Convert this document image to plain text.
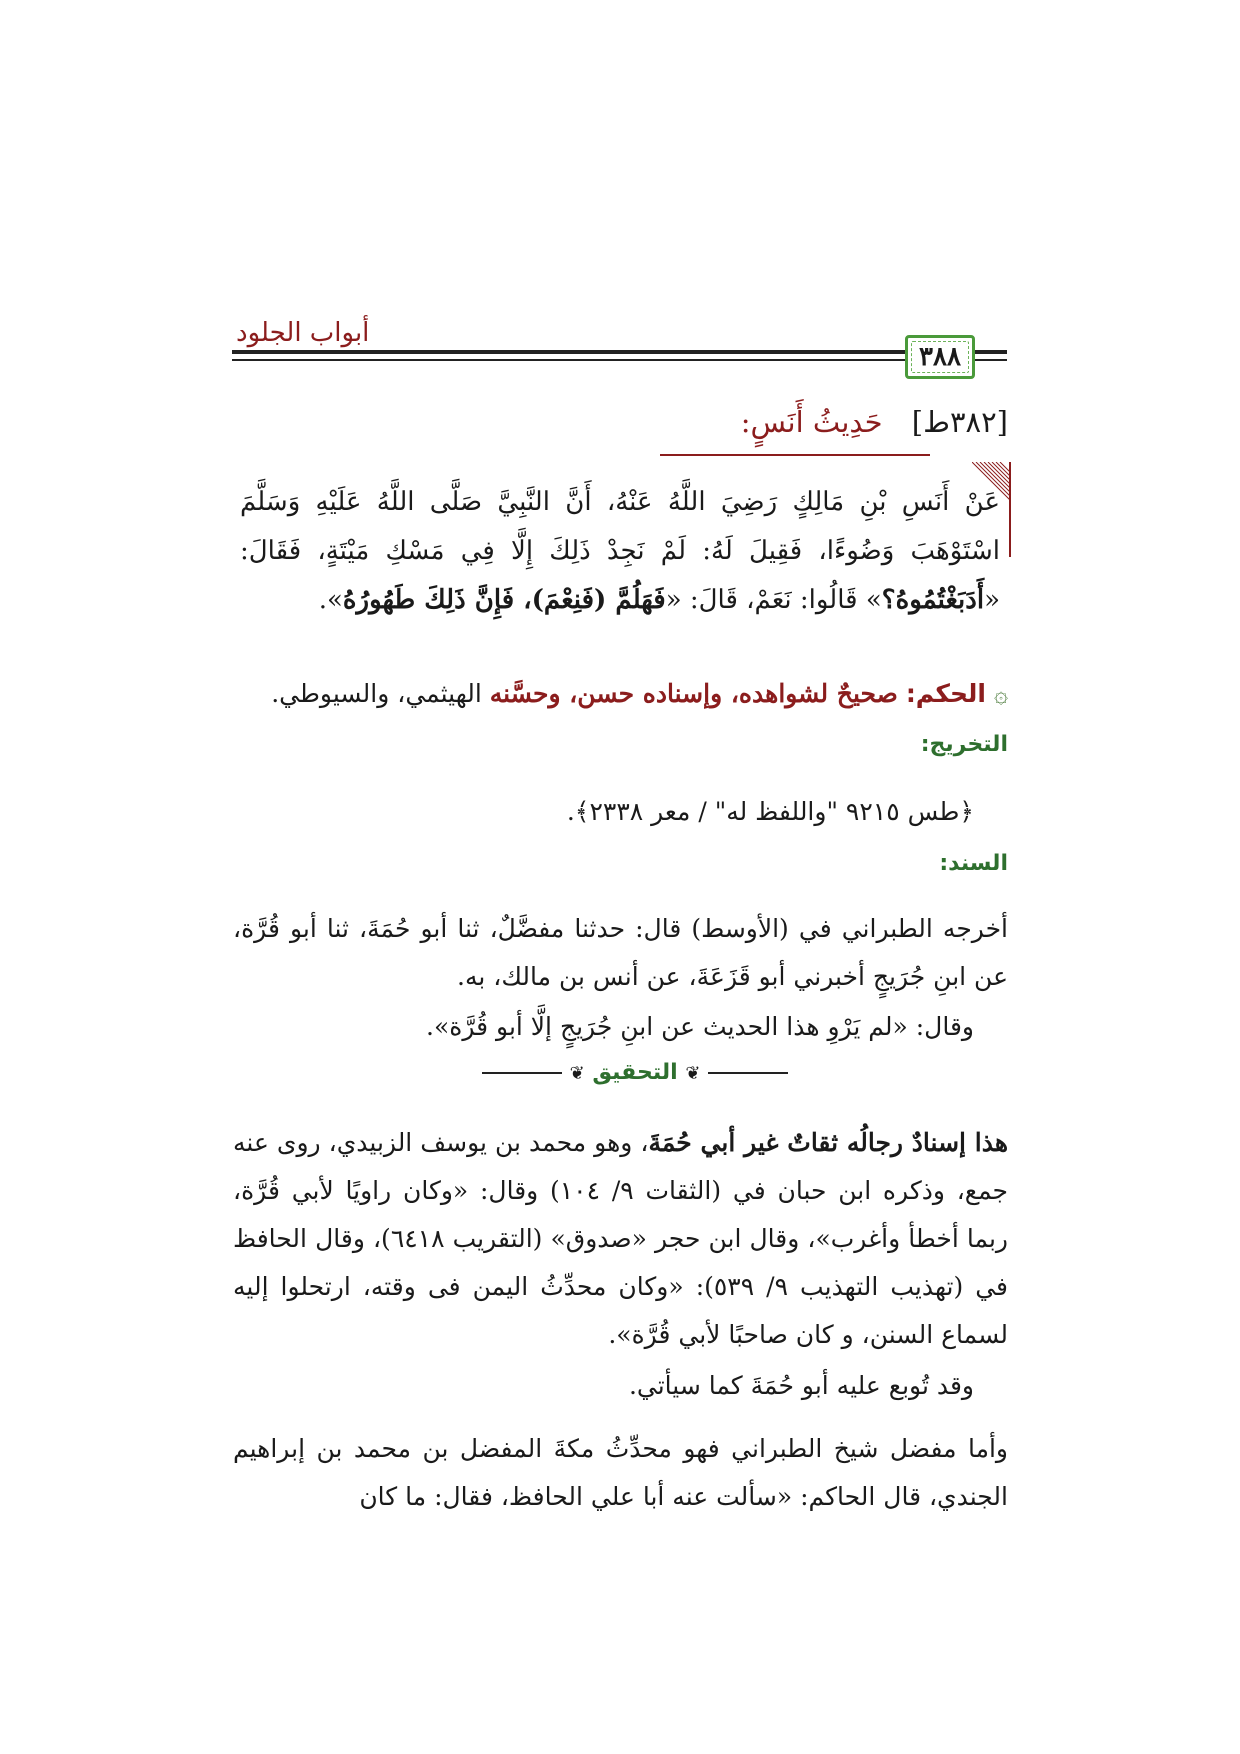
أبواب الجلود
٣٨٨
[٣٨٢ط] حَدِيثُ أَنَسٍ:
عَنْ أَنَسِ بْنِ مَالِكٍ رَضِيَ اللَّهُ عَنْهُ، أَنَّ النَّبِيَّ صَلَّى اللَّهُ عَلَيْهِ وَسَلَّمَ اسْتَوْهَبَ وَضُوءًا، فَقِيلَ لَهُ: لَمْ نَجِدْ ذَلِكَ إِلَّا فِي مَسْكِ مَيْتَةٍ، فَقَالَ: «أَدَبَغْتُمُوهُ؟» قَالُوا: نَعَمْ، قَالَ: «فَهَلُمَّ (فَنِعْمَ)، فَإِنَّ ذَلِكَ طَهُورُهُ».
۞الحكم: صحيحٌ لشواهده، وإسناده حسن، وحسَّنه الهيثمي، والسيوطي.
التخريج:
﴿طس ٩٢١٥ "واللفظ له" / معر ٢٣٣٨﴾.
السند:
أخرجه الطبراني في (الأوسط) قال: حدثنا مفضَّلٌ، ثنا أبو حُمَةَ، ثنا أبو قُرَّة، عن ابنِ جُرَيجٍ أخبرني أبو قَزَعَةَ، عن أنس بن مالك، به.
وقال: «لم يَرْوِ هذا الحديث عن ابنِ جُرَيجٍ إلَّا أبو قُرَّة».
❦ التحقيق ❦
هذا إسنادٌ رجالُه ثقاتٌ غير أبي حُمَةَ، وهو محمد بن يوسف الزبيدي، روى عنه جمع، وذكره ابن حبان في (الثقات ٩/ ١٠٤) وقال: «وكان راويًا لأبي قُرَّة، ربما أخطأ وأغرب»، وقال ابن حجر «صدوق» (التقريب ٦٤١٨)، وقال الحافظ في (تهذيب التهذيب ٩/ ٥٣٩): «وكان محدِّثُ اليمن فى وقته، ارتحلوا إليه لسماع السنن، و كان صاحبًا لأبي قُرَّة».
وقد تُوبع عليه أبو حُمَةَ كما سيأتي.
وأما مفضل شيخ الطبراني فهو محدِّثُ مكةَ المفضل بن محمد بن إبراهيم الجندي، قال الحاكم: «سألت عنه أبا علي الحافظ، فقال: ما كان
